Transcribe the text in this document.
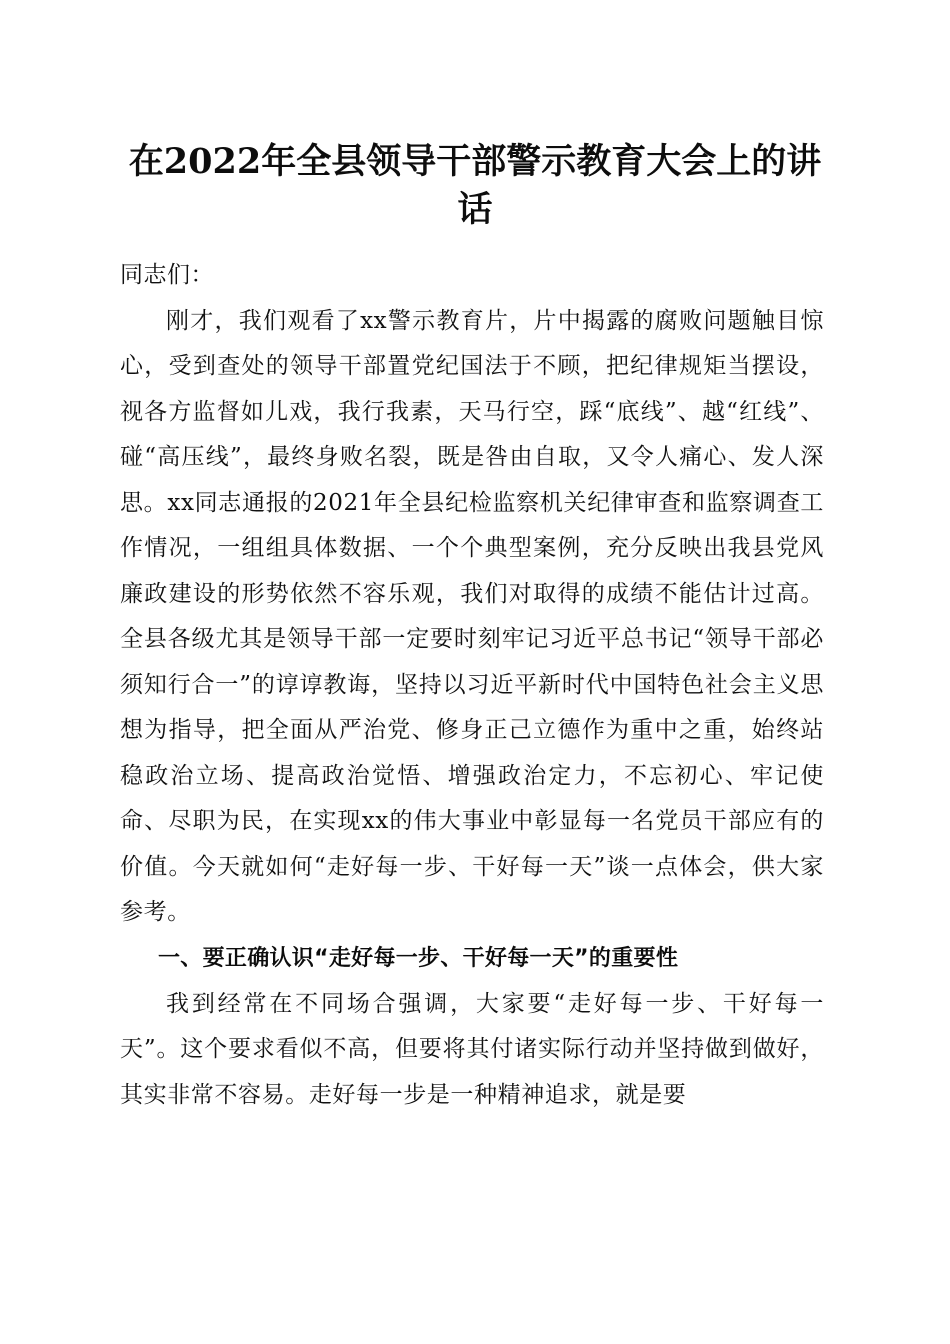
在2022年全县领导干部警示教育大会上的讲话

同志们：

刚才，我们观看了xx警示教育片，片中揭露的腐败问题触目惊心，受到查处的领导干部置党纪国法于不顾，把纪律规矩当摆设，视各方监督如儿戏，我行我素，天马行空，踩“底线”、越“红线”、碰“高压线”，最终身败名裂，既是咎由自取，又令人痛心、发人深思。xx同志通报的2021年全县纪检监察机关纪律审查和监察调查工作情况，一组组具体数据、一个个典型案例，充分反映出我县党风廉政建设的形势依然不容乐观，我们对取得的成绩不能估计过高。全县各级尤其是领导干部一定要时刻牢记习近平总书记“领导干部必须知行合一”的谆谆教诲，坚持以习近平新时代中国特色社会主义思想为指导，把全面从严治党、修身正己立德作为重中之重，始终站稳政治立场、提高政治觉悟、增强政治定力，不忘初心、牢记使命、尽职为民，在实现xx的伟大事业中彰显每一名党员干部应有的价值。今天就如何“走好每一步、干好每一天”谈一点体会，供大家参考。

一、要正确认识“走好每一步、干好每一天”的重要性

我到经常在不同场合强调，大家要“走好每一步、干好每一天”。这个要求看似不高，但要将其付诸实际行动并坚持做到做好，其实非常不容易。走好每一步是一种精神追求，就是要
